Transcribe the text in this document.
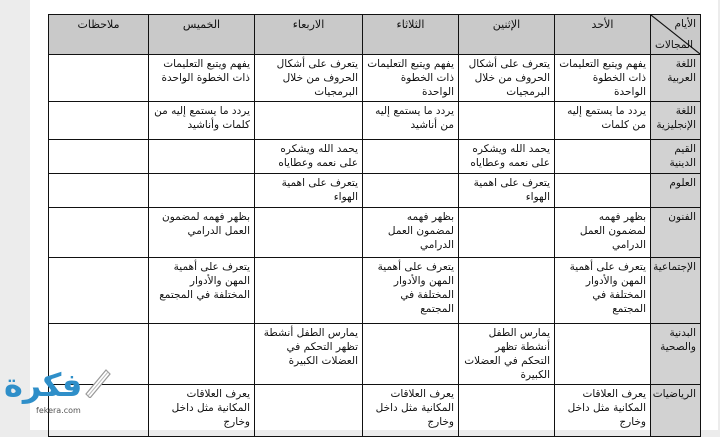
الأيام
المجالات	الأحد	الإثنين	الثلاثاء	الاربعاء	الخميس	ملاحظات
اللغة العربية	يفهم ويتبع التعليمات ذات الخطوة الواحدة	يتعرف على أشكال الحروف من خلال البرمجيات	يفهم ويتبع التعليمات ذات الخطوة الواحدة	يتعرف على أشكال الحروف من خلال البرمجيات	يفهم ويتبع التعليمات ذات الخطوة الواحدة	
اللغة الإنجليزية	يردد ما يستمع إليه من كلمات		يردد ما يستمع إليه من أناشيد		يردد ما يستمع إليه من كلمات وأناشيد	
القيم الدينية		يحمد الله ويشكره على نعمه وعطاياه		يحمد الله ويشكره على نعمه وعطاياه		
العلوم		يتعرف على اهمية الهواء		يتعرف على اهمية الهواء		
الفنون	بظهر فهمه لمضمون العمل الدرامي		بظهر فهمه لمضمون العمل الدرامي		بظهر فهمه لمضمون العمل الدرامي	
الإجتماعية	يتعرف على أهمية المهن والأدوار المختلفة في المجتمع		يتعرف على أهمية المهن والأدوار المختلفة في المجتمع		يتعرف على أهمية المهن والأدوار المختلفة في المجتمع	
البدنية والصحية		يمارس الطفل أنشطة تظهر التحكم في العضلات الكبيرة		يمارس الطفل أنشطة تظهر التحكم في العضلات الكبيرة		
الرياضيات	يعرف العلاقات المكانية مثل داخل وخارج		يعرف العلاقات المكانية مثل داخل وخارج		يعرف العلاقات المكانية مثل داخل وخارج	
فكرة
fekera.com
